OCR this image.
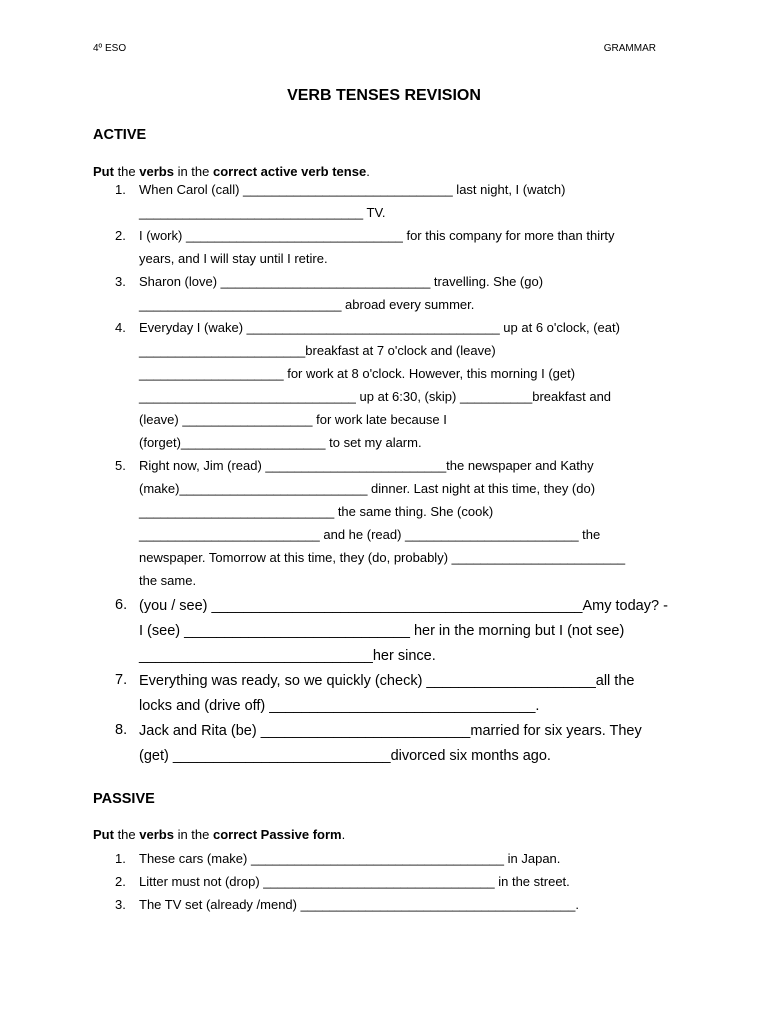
4º ESO	GRAMMAR
VERB TENSES REVISION
ACTIVE
Put the verbs in the correct active verb tense.
1. When Carol (call) _____________________________ last night, I (watch)
_______________________________ TV.
2. I (work) ______________________________ for this company for more than thirty
years, and I will stay until I retire.
3. Sharon (love) _____________________________ travelling. She (go)
____________________________ abroad every summer.
4. Everyday I (wake) ___________________________________ up at 6 o'clock, (eat)
_______________________breakfast at 7 o'clock and (leave)
____________________ for work at 8 o'clock. However, this morning I (get)
______________________________ up at 6:30, (skip) __________breakfast and
(leave) __________________ for work late because I
(forget)____________________ to set my alarm.
5. Right now, Jim (read) _________________________the newspaper and Kathy
(make)__________________________ dinner. Last night at this time, they (do)
___________________________ the same thing. She (cook)
_________________________ and he (read) ________________________ the
newspaper. Tomorrow at this time, they (do, probably) ________________________
the same.
6. (you / see) ______________________________________________Amy today? -
I (see) ____________________________ her in the morning but I (not see)
_____________________________her since.
7. Everything was ready, so we quickly (check) _____________________all the
locks and (drive off) _________________________________.
8. Jack and Rita (be) __________________________married for six years. They
(get) ___________________________divorced six months ago.
PASSIVE
Put the verbs in the correct Passive form.
1. These cars (make) ___________________________________ in Japan.
2. Litter must not (drop) ________________________________ in the street.
3. The TV set (already /mend) ______________________________________.
